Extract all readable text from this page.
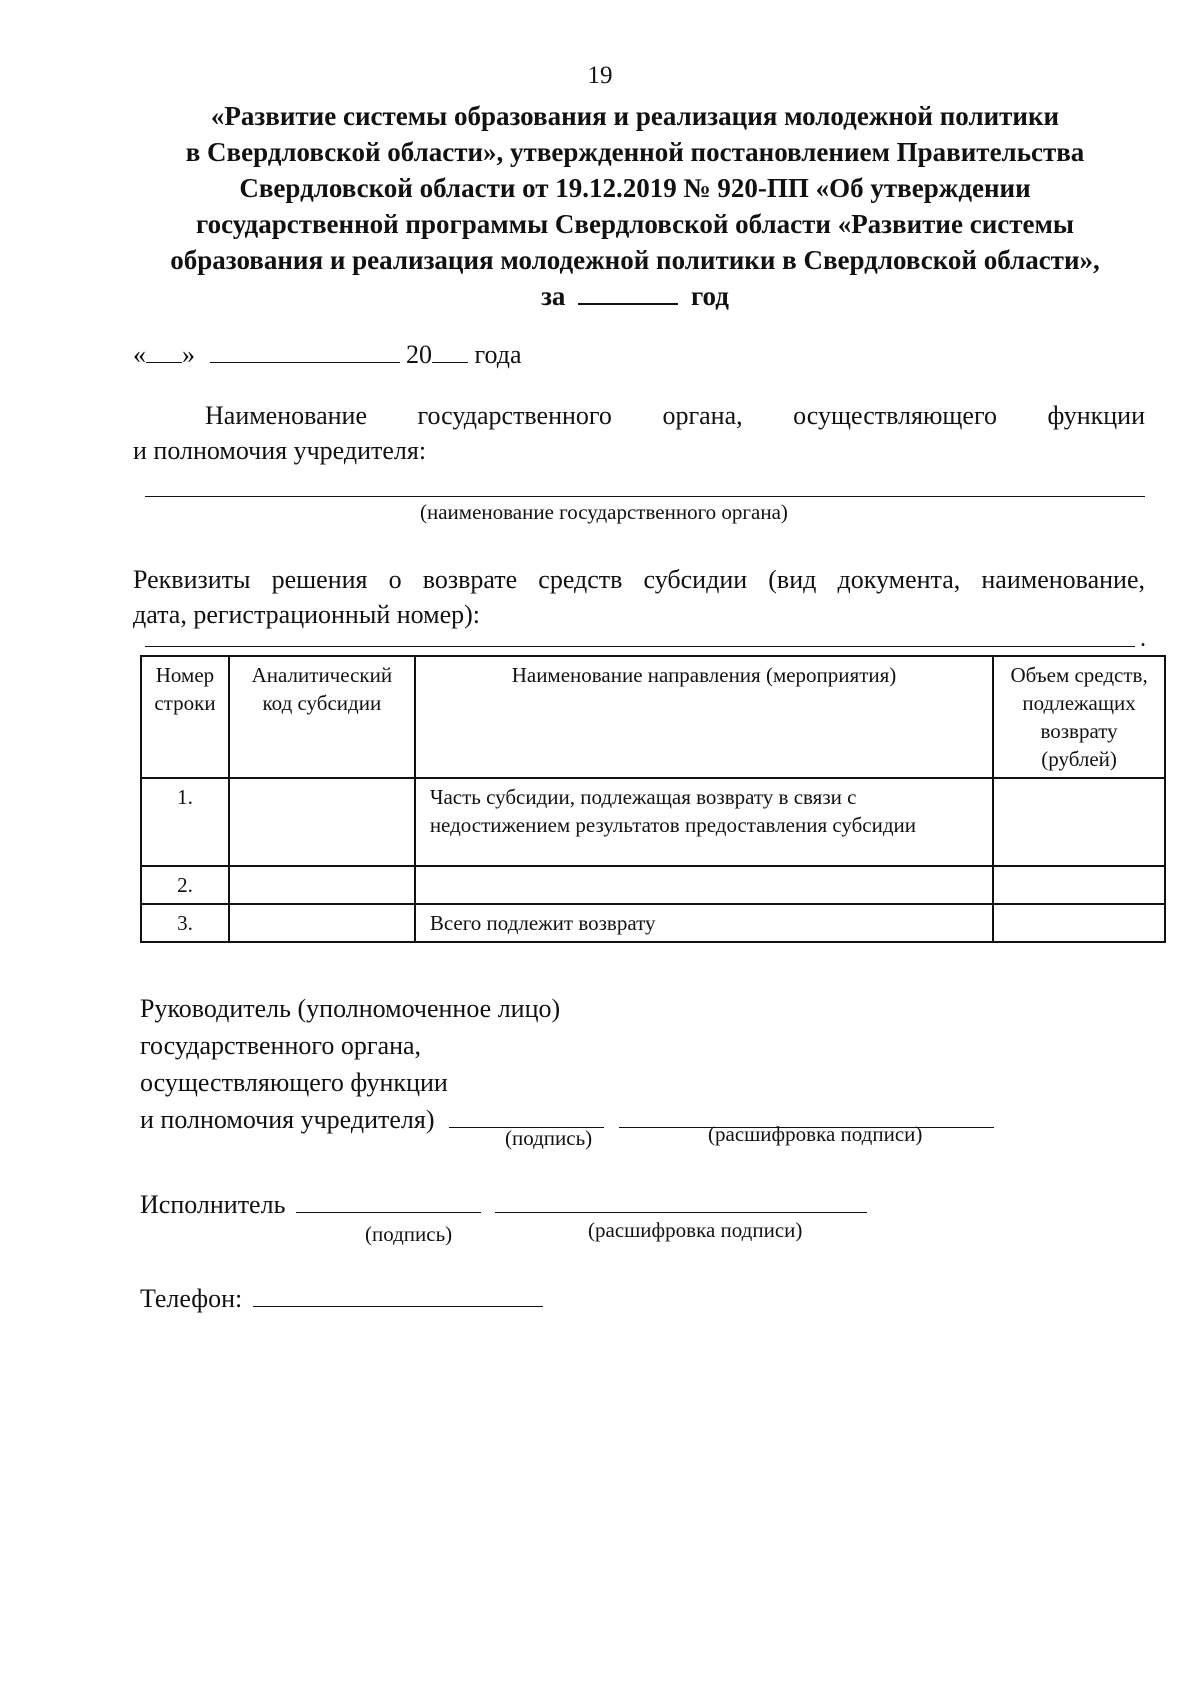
19
«Развитие системы образования и реализация молодежной политики
в Свердловской области», утвержденной постановлением Правительства
Свердловской области от 19.12.2019 № 920-ПП «Об утверждении
государственной программы Свердловской области «Развитие системы
образования и реализация молодежной политики в Свердловской области»,
за	год
« »	20 года
Наименование государственного органа, осуществляющего функции
и полномочия учредителя:
(наименование государственного органа)
Реквизиты решения о возврате средств субсидии (вид документа, наименование,
дата, регистрационный номер):
.
Номер строки	Аналитический код субсидии	Наименование направления (мероприятия)	Объем средств, подлежащих возврату (рублей)
1.		Часть субсидии, подлежащая возврату в связи с недостижением результатов предоставления субсидии	
2.			
3.		Всего подлежит возврату	
Руководитель (уполномоченное лицо)
государственного органа,
осуществляющего функции
и полномочия учредителя)
(подпись)	(расшифровка подписи)
Исполнитель
(подпись)	(расшифровка подписи)
Телефон:
